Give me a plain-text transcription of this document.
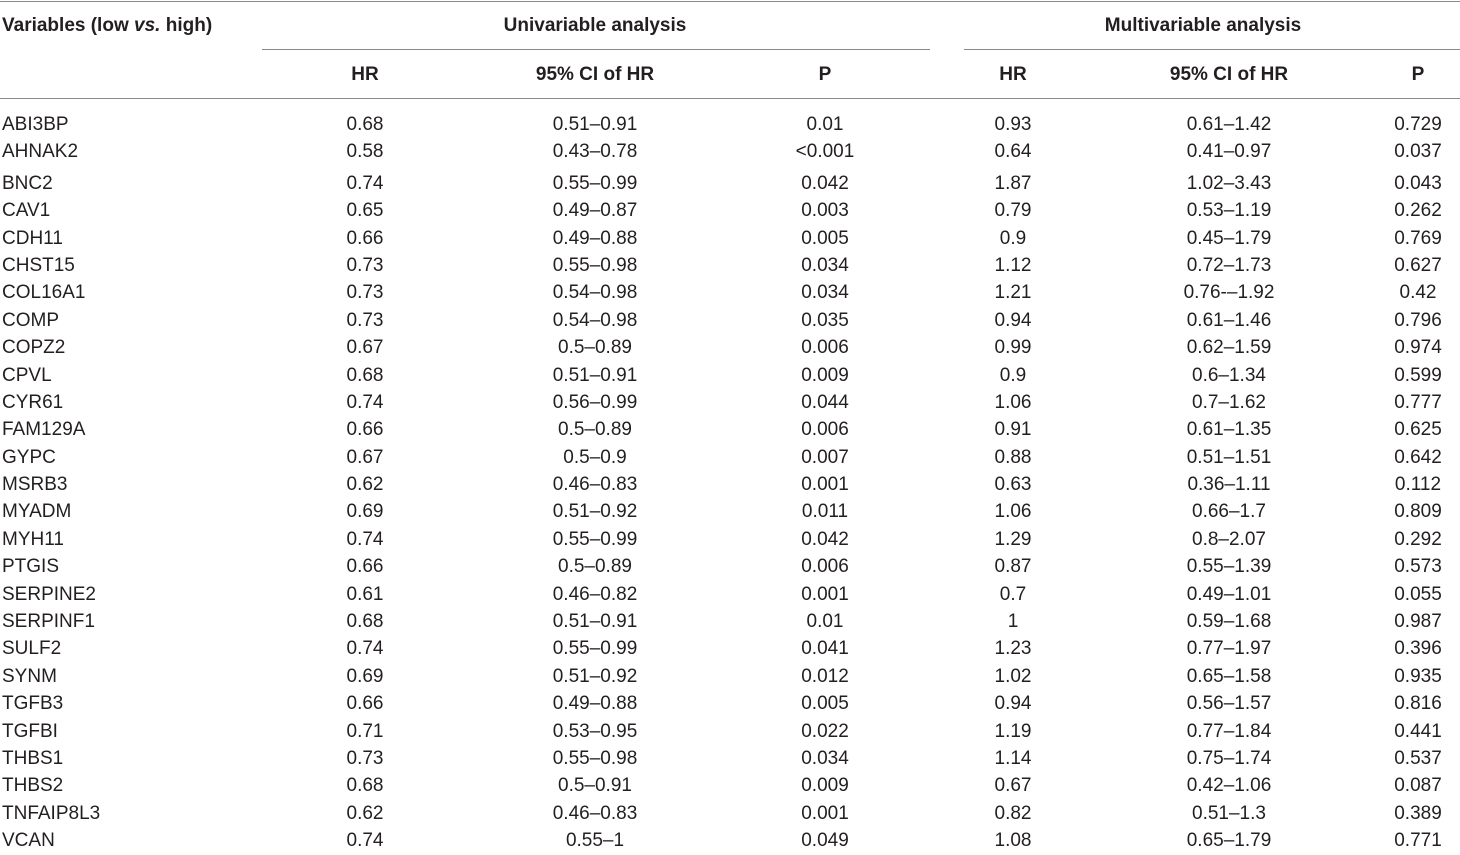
Variables (low vs. high)	Univariable analysis	Multivariable analysis
HR	95% CI of HR	P	HR	95% CI of HR	P
ABI3BP	0.68	0.51–0.91	0.01	0.93	0.61–1.42	0.729
AHNAK2	0.58	0.43–0.78	<0.001	0.64	0.41–0.97	0.037
BNC2	0.74	0.55–0.99	0.042	1.87	1.02–3.43	0.043
CAV1	0.65	0.49–0.87	0.003	0.79	0.53–1.19	0.262
CDH11	0.66	0.49–0.88	0.005	0.9	0.45–1.79	0.769
CHST15	0.73	0.55–0.98	0.034	1.12	0.72–1.73	0.627
COL16A1	0.73	0.54–0.98	0.034	1.21	0.76-–1.92	0.42
COMP	0.73	0.54–0.98	0.035	0.94	0.61–1.46	0.796
COPZ2	0.67	0.5–0.89	0.006	0.99	0.62–1.59	0.974
CPVL	0.68	0.51–0.91	0.009	0.9	0.6–1.34	0.599
CYR61	0.74	0.56–0.99	0.044	1.06	0.7–1.62	0.777
FAM129A	0.66	0.5–0.89	0.006	0.91	0.61–1.35	0.625
GYPC	0.67	0.5–0.9	0.007	0.88	0.51–1.51	0.642
MSRB3	0.62	0.46–0.83	0.001	0.63	0.36–1.11	0.112
MYADM	0.69	0.51–0.92	0.011	1.06	0.66–1.7	0.809
MYH11	0.74	0.55–0.99	0.042	1.29	0.8–2.07	0.292
PTGIS	0.66	0.5–0.89	0.006	0.87	0.55–1.39	0.573
SERPINE2	0.61	0.46–0.82	0.001	0.7	0.49–1.01	0.055
SERPINF1	0.68	0.51–0.91	0.01	1	0.59–1.68	0.987
SULF2	0.74	0.55–0.99	0.041	1.23	0.77–1.97	0.396
SYNM	0.69	0.51–0.92	0.012	1.02	0.65–1.58	0.935
TGFB3	0.66	0.49–0.88	0.005	0.94	0.56–1.57	0.816
TGFBI	0.71	0.53–0.95	0.022	1.19	0.77–1.84	0.441
THBS1	0.73	0.55–0.98	0.034	1.14	0.75–1.74	0.537
THBS2	0.68	0.5–0.91	0.009	0.67	0.42–1.06	0.087
TNFAIP8L3	0.62	0.46–0.83	0.001	0.82	0.51–1.3	0.389
VCAN	0.74	0.55–1	0.049	1.08	0.65–1.79	0.771
